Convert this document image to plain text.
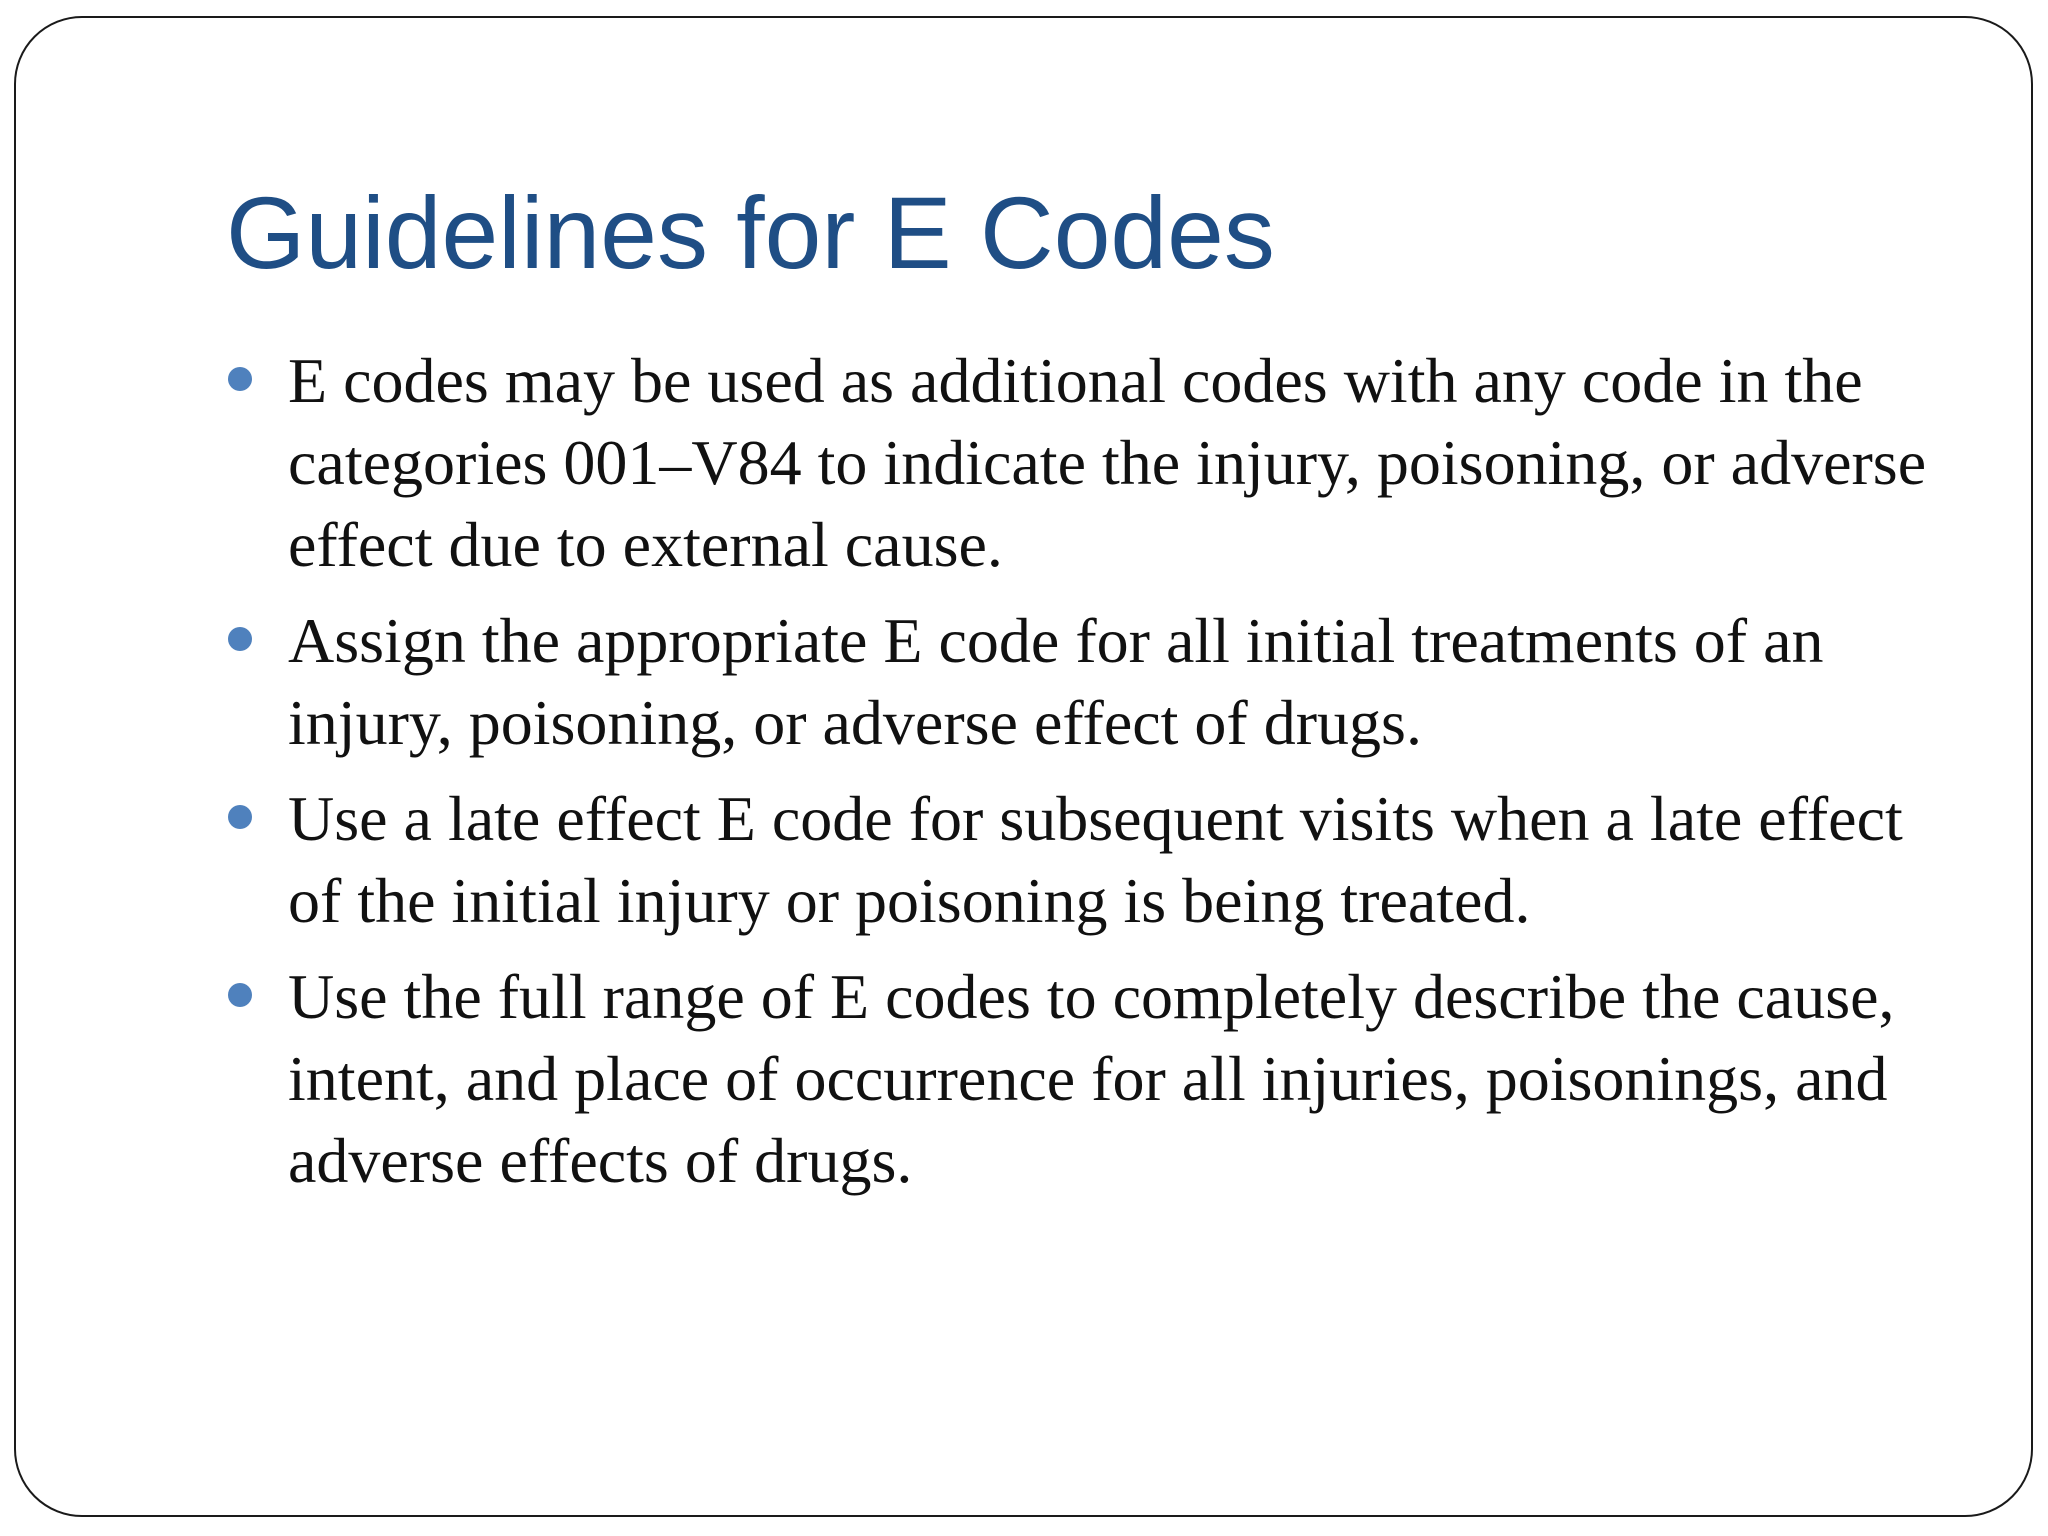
Guidelines for E Codes
E codes may be used as additional codes with any code in the categories 001–V84 to indicate the injury, poisoning, or adverse effect due to external cause.
Assign the appropriate E code for all initial treatments of an injury, poisoning, or adverse effect of drugs.
Use a late effect E code for subsequent visits when a late effect of the initial injury or poisoning is being treated.
Use the full range of E codes to completely describe the cause, intent, and place of occurrence for all injuries, poisonings, and adverse effects of drugs.
